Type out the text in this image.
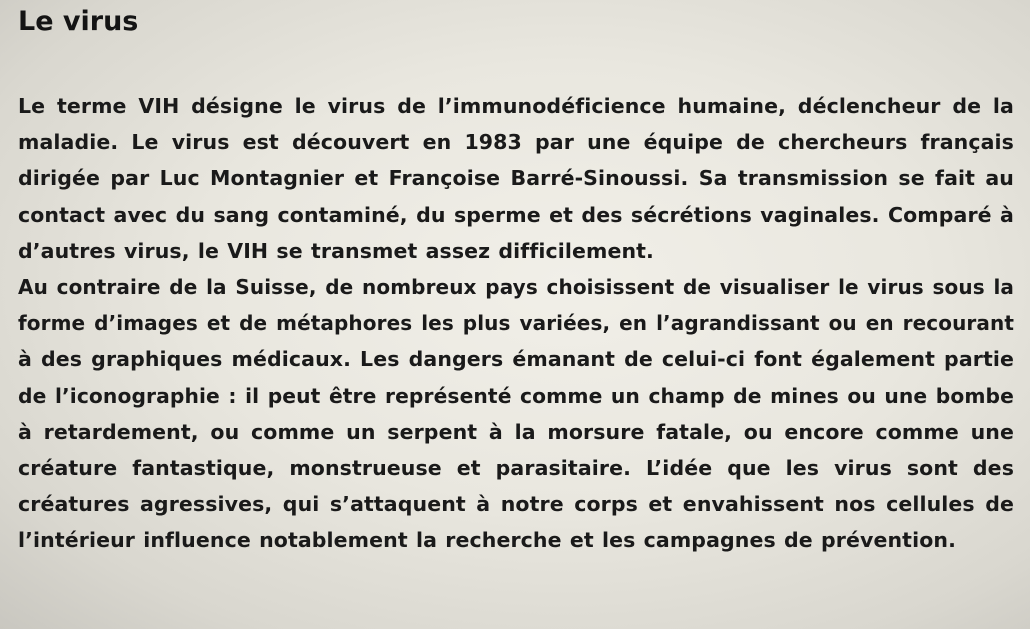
Le virus

Le terme VIH désigne le virus de l’immunodéficience humaine, déclencheur de la
maladie. Le virus est découvert en 1983 par une équipe de chercheurs français
dirigée par Luc Montagnier et Françoise Barré-Sinoussi. Sa transmission se fait au
contact avec du sang contaminé, du sperme et des sécrétions vaginales. Comparé à
d’autres virus, le VIH se transmet assez difficilement.

Au contraire de la Suisse, de nombreux pays choisissent de visualiser le virus sous la
forme d’images et de métaphores les plus variées, en l’agrandissant ou en recourant
à des graphiques médicaux. Les dangers émanant de celui-ci font également partie
de l’iconographie : il peut être représenté comme un champ de mines ou une bombe
à retardement, ou comme un serpent à la morsure fatale, ou encore comme une
créature fantastique, monstrueuse et parasitaire. L’idée que les virus sont des
créatures agressives, qui s’attaquent à notre corps et envahissent nos cellules de
l’intérieur influence notablement la recherche et les campagnes de prévention.
